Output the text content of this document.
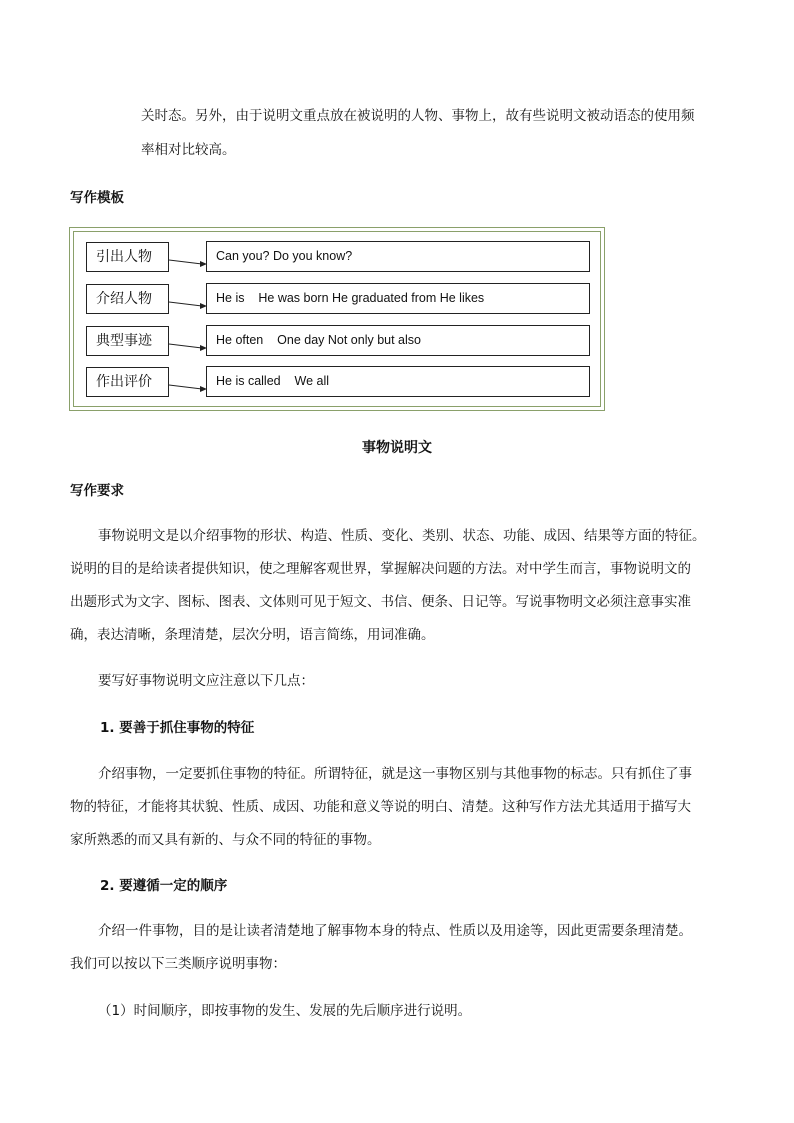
关时态。另外，由于说明文重点放在被说明的人物、事物上，故有些说明文被动语态的使用频
率相对比较高。
写作模板
引出人物	Can you? Do you know?
介绍人物	He is    He was born He graduated from He likes
典型事迹	He often    One day Not only but also
作出评价	He is called    We all
事物说明文
写作要求
事物说明文是以介绍事物的形状、构造、性质、变化、类别、状态、功能、成因、结果等方面的特征。
说明的目的是给读者提供知识，使之理解客观世界，掌握解决问题的方法。对中学生而言，事物说明文的
出题形式为文字、图标、图表、文体则可见于短文、书信、便条、日记等。写说事物明文必须注意事实准
确，表达清晰，条理清楚，层次分明，语言简练，用词准确。
要写好事物说明文应注意以下几点：
1. 要善于抓住事物的特征
介绍事物，一定要抓住事物的特征。所谓特征，就是这一事物区别与其他事物的标志。只有抓住了事
物的特征，才能将其状貌、性质、成因、功能和意义等说的明白、清楚。这种写作方法尤其适用于描写大
家所熟悉的而又具有新的、与众不同的特征的事物。
2. 要遵循一定的顺序
介绍一件事物，目的是让读者清楚地了解事物本身的特点、性质以及用途等，因此更需要条理清楚。
我们可以按以下三类顺序说明事物：
（1）时间顺序，即按事物的发生、发展的先后顺序进行说明。
